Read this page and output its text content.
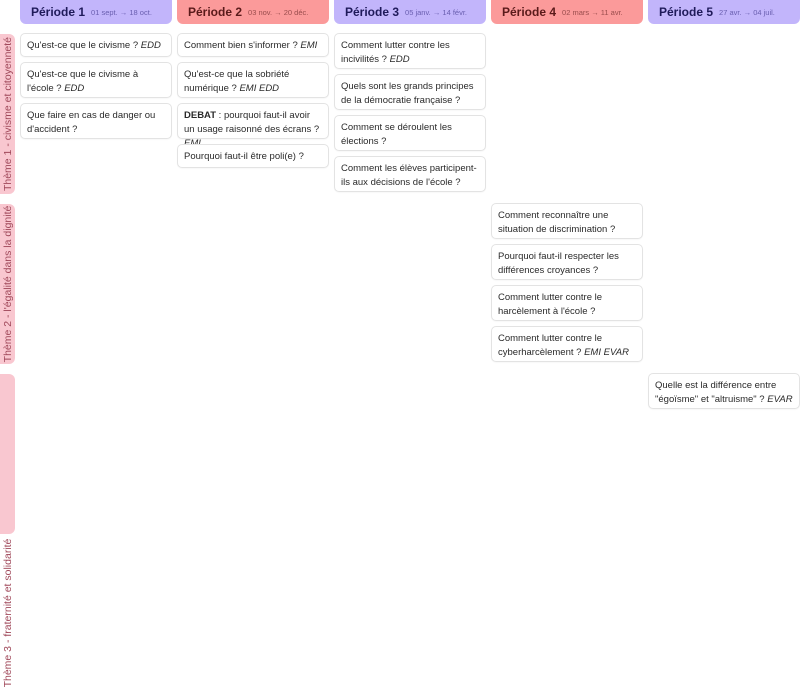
Période 1 01 sept. → 18 oct.	Période 2 03 nov. → 20 déc.	Période 3 05 janv. → 14 févr.	Période 4 02 mars → 11 avr.	Période 5 27 avr. → 04 juil.
Thème 1 - civisme et citoyenneté
Thème 2 - l'égalité dans la dignité
Thème 3 - fraternité et solidarité
Qu'est-ce que le civisme ? EDD
Qu'est-ce que le civisme à l'école ? EDD
Que faire en cas de danger ou d'accident ?
Comment bien s'informer ? EMI
Qu'est-ce que la sobriété numérique ? EMI EDD
DEBAT : pourquoi faut-il avoir un usage raisonné des écrans ?
Pourquoi faut-il être poli(e) ?
Comment lutter contre les incivilités ? EDD
Quels sont les grands principes de la démocratie française ?
Comment se déroulent les élections ?
Comment les élèves participent-ils aux décisions de l'école ?
Comment reconnaître une situation de discrimination ?
Pourquoi faut-il respecter les différences croyances ?
Comment lutter contre le harcèlement à l'école ?
Comment lutter contre le cyberharcèlement ? EMI EVAR
Quelle est la différence entre "égoïsme" et "altruisme" ? EVAR
